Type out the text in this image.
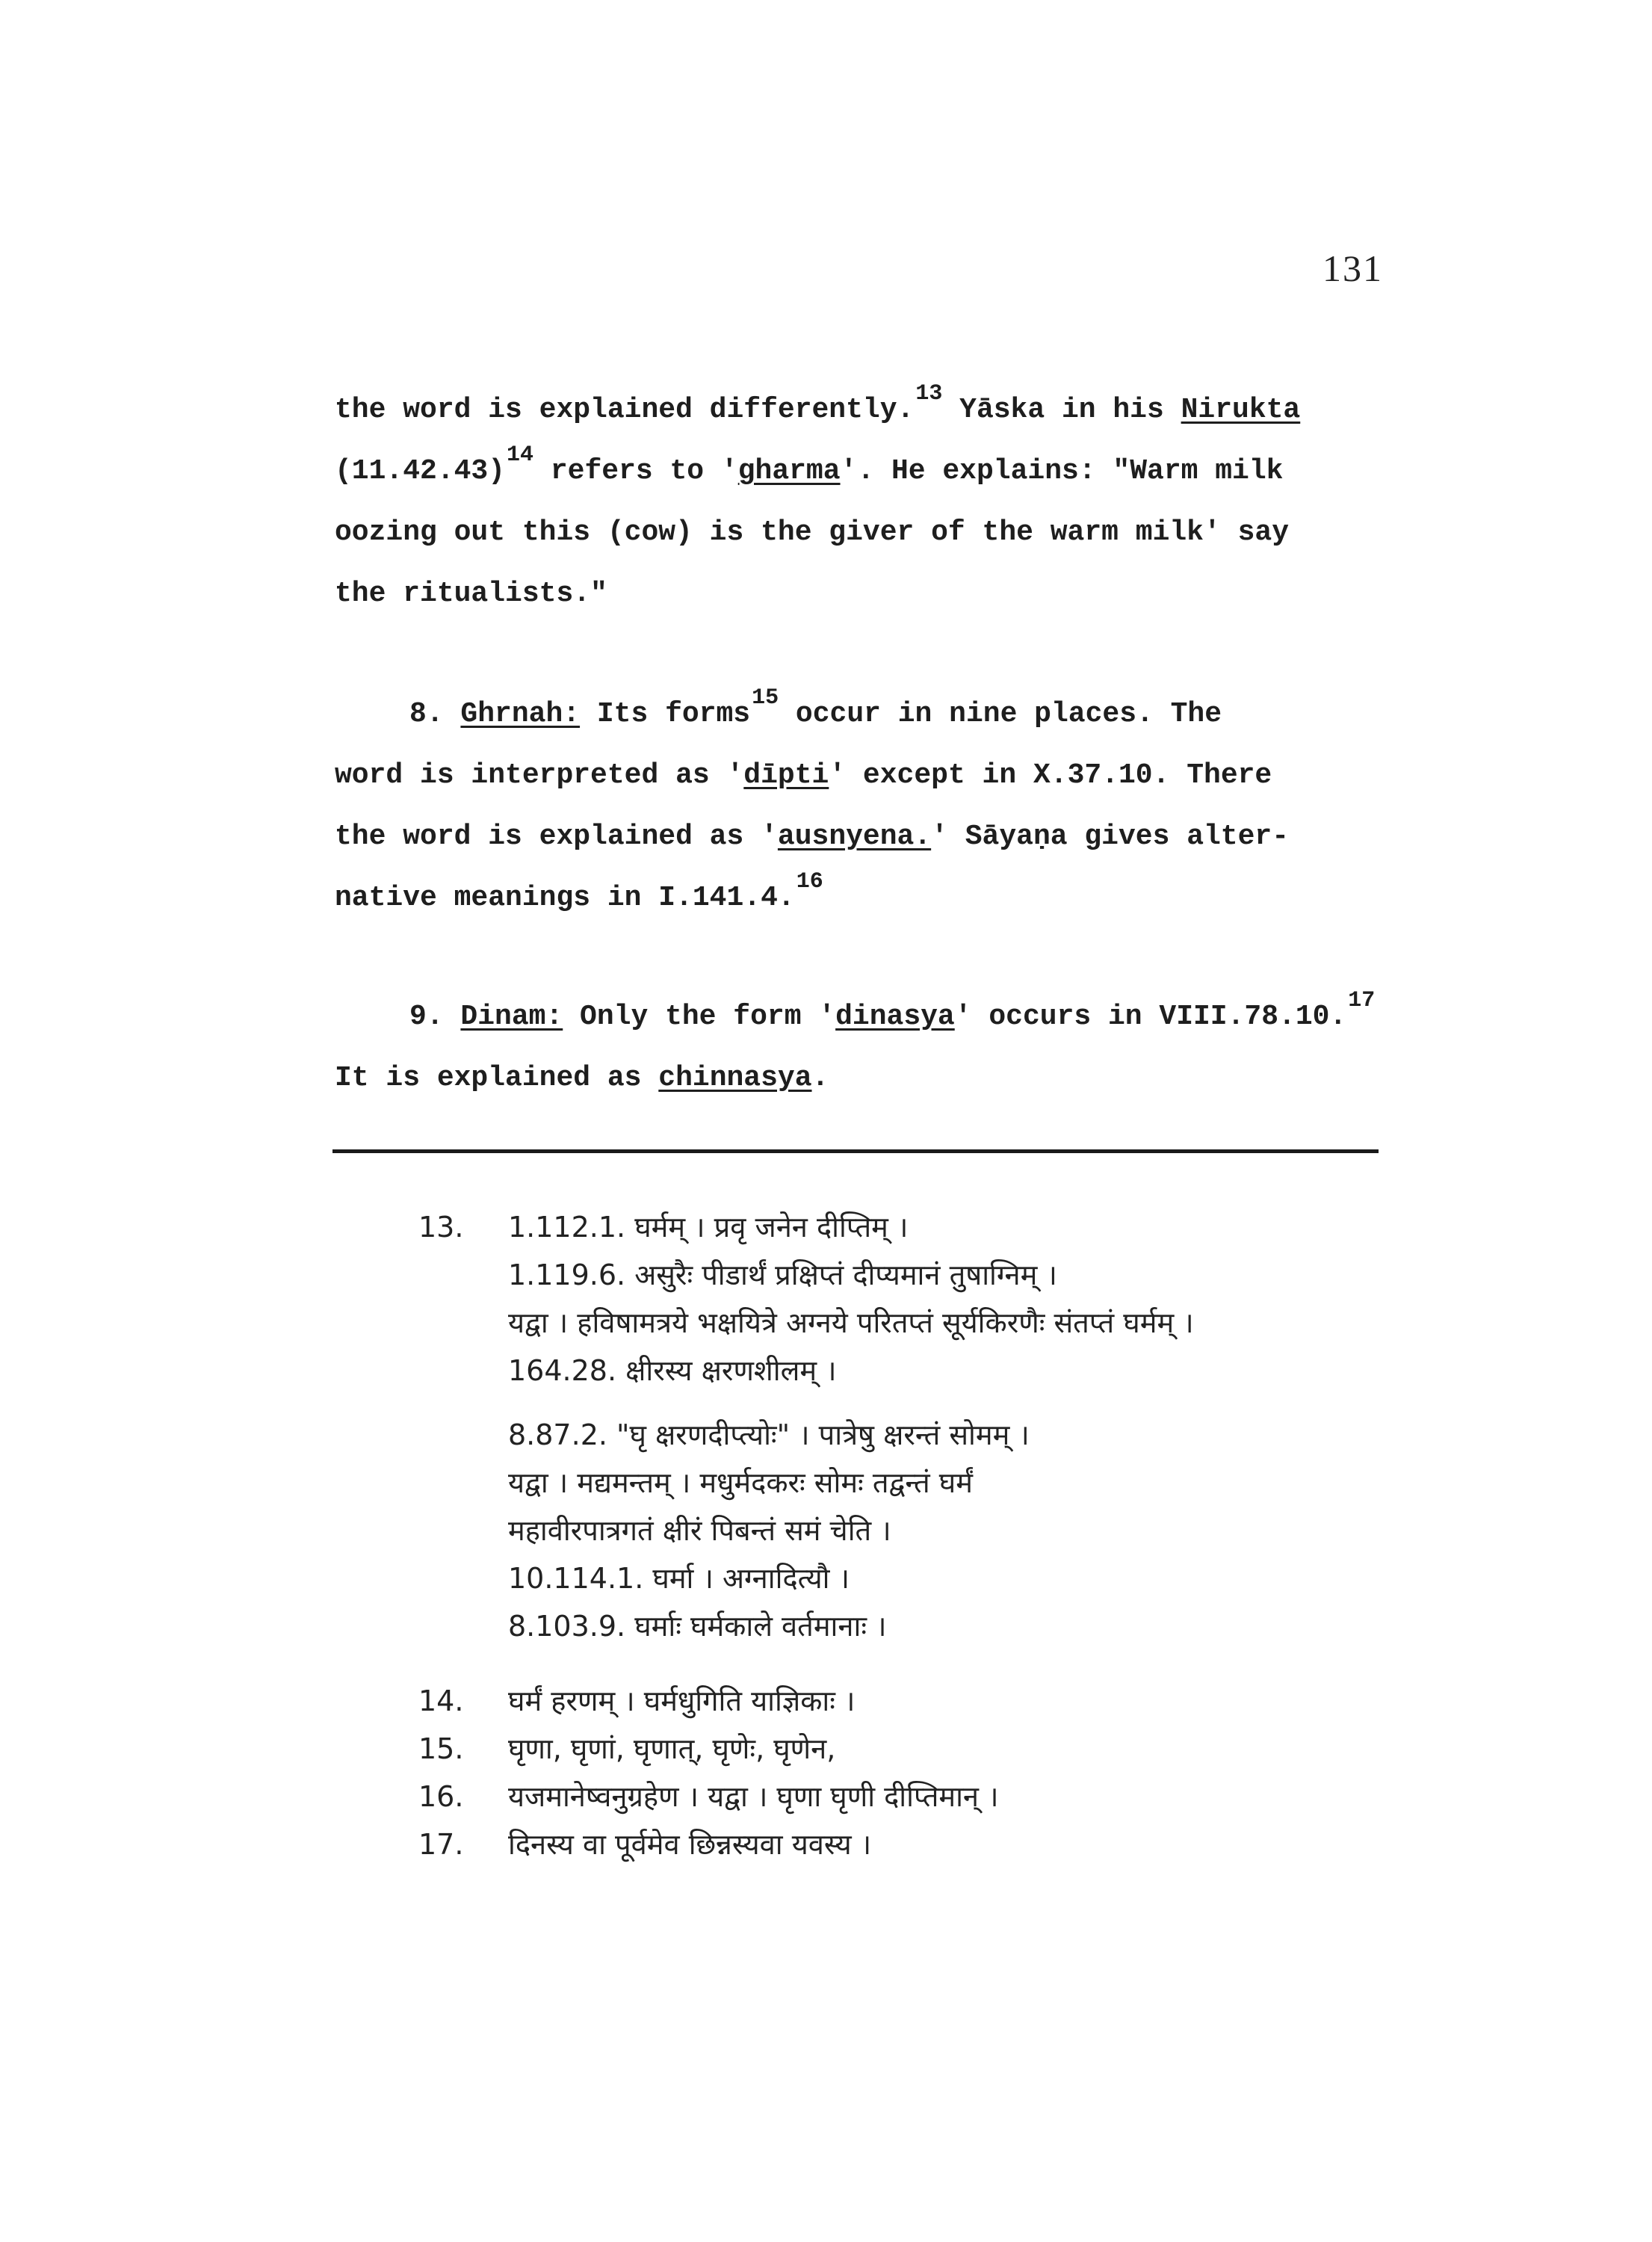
131

the word is explained differently.$^{13}$ Yāska in his Nirukta

$(11.42.43)^{14}$ refers to 'gharma'. He explains: "Warm milk

oozing out this (cow) is the giver of the warm milk' say

the ritualists."

8. Ghrnah: Its forms$^{15}$ occur in nine places. The

word is interpreted as 'dīpti' except in X.37.10. There

the word is explained as 'ausnyena.' Sāyaṇa gives alter-

native meanings in I.141.4.16

9. Dinam: Only the form 'dinasya' occurs in VIII.78.10.17

It is explained as chinnasya.

13.	1.112.1. घर्मम् । प्रवृ जनेन दीप्तिम् ।
1.119.6. असुरैः पीडार्थं प्रक्षिप्तं दीप्यमानं तुषाग्निम् ।
यद्वा । हविषामत्रये भक्षयित्रे अग्नये परितप्तं सूर्यकिरणैः संतप्तं घर्मम् ।
164.28. क्षीरस्य क्षरणशीलम् ।
8.87.2. "घृ क्षरणदीप्त्योः" । पात्रेषु क्षरन्तं सोमम् ।
यद्वा । मद्यमन्तम् । मधुर्मदकरः सोमः तद्वन्तं घर्मं
महावीरपात्रगतं क्षीरं पिबन्तं समं चेति ।
10.114.1. घर्मा । अग्नादित्यौ ।
8.103.9. घर्माः घर्मकाले वर्तमानाः ।
14.	घर्मं हरणम् । घर्मधुगिति याज्ञिकाः ।
15.	घृणा, घृणां, घृणात्, घृणेः, घृणेन,
16.	यजमानेष्वनुग्रहेण । यद्वा । घृणा घृणी दीप्तिमान् ।
17.	दिनस्य वा पूर्वमेव छिन्नस्यवा यवस्य ।
